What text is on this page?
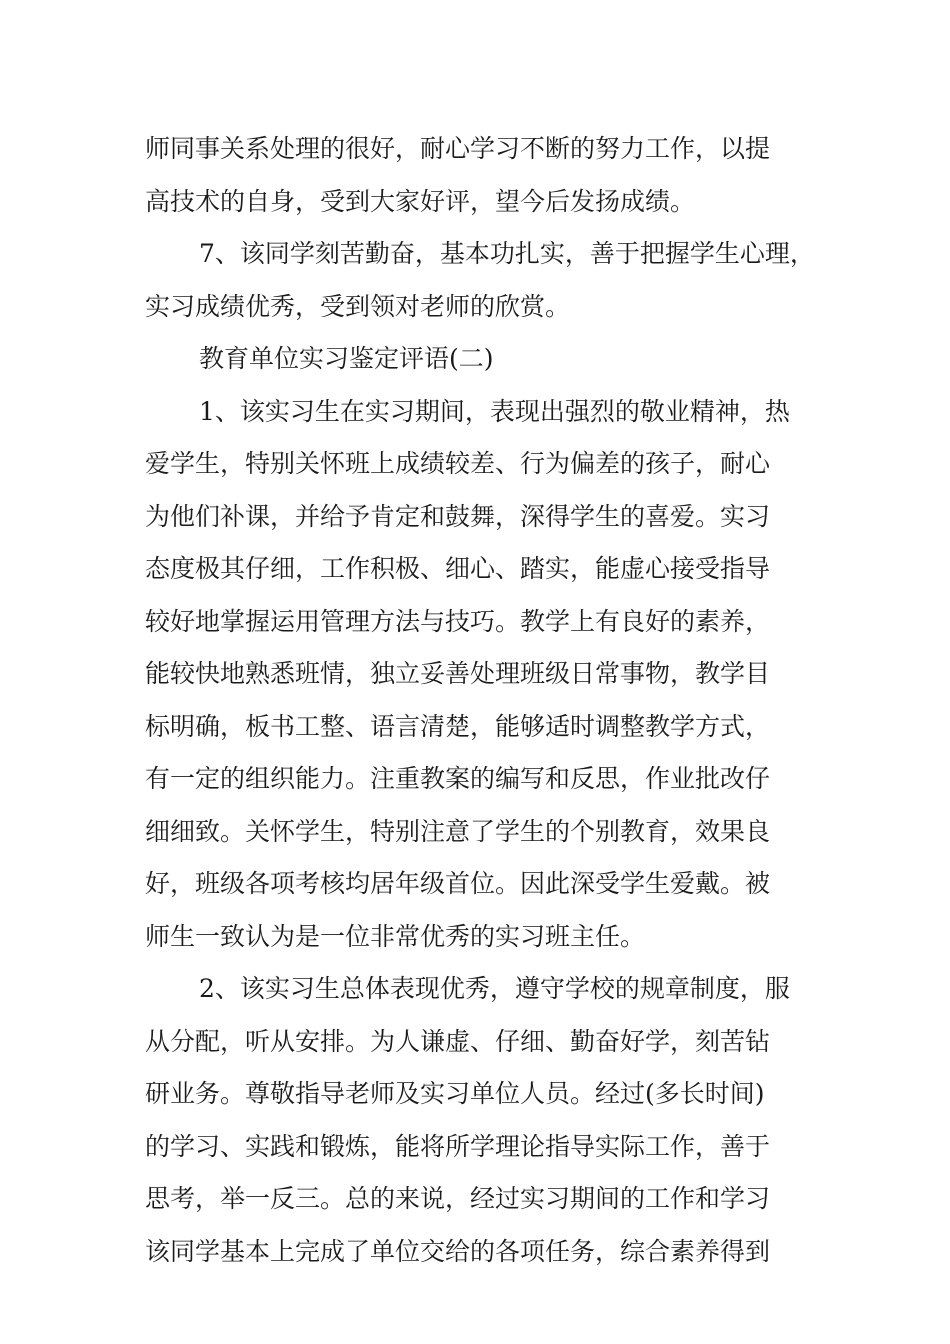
师同事关系处理的很好，耐心学习不断的努力工作，以提
高技术的自身，受到大家好评，望今后发扬成绩。
7、该同学刻苦勤奋，基本功扎实，善于把握学生心理，
实习成绩优秀，受到领对老师的欣赏。
教育单位实习鉴定评语(二)
1、该实习生在实习期间，表现出强烈的敬业精神，热
爱学生，特别关怀班上成绩较差、行为偏差的孩子，耐心
为他们补课，并给予肯定和鼓舞，深得学生的喜爱。实习
态度极其仔细，工作积极、细心、踏实，能虚心接受指导
较好地掌握运用管理方法与技巧。教学上有良好的素养，
能较快地熟悉班情，独立妥善处理班级日常事物，教学目
标明确，板书工整、语言清楚，能够适时调整教学方式，
有一定的组织能力。注重教案的编写和反思，作业批改仔
细细致。关怀学生，特别注意了学生的个别教育，效果良
好，班级各项考核均居年级首位。因此深受学生爱戴。被
师生一致认为是一位非常优秀的实习班主任。
2、该实习生总体表现优秀，遵守学校的规章制度，服
从分配，听从安排。为人谦虚、仔细、勤奋好学，刻苦钻
研业务。尊敬指导老师及实习单位人员。经过(多长时间)
的学习、实践和锻炼，能将所学理论指导实际工作，善于
思考，举一反三。总的来说，经过实习期间的工作和学习
该同学基本上完成了单位交给的各项任务，综合素养得到
